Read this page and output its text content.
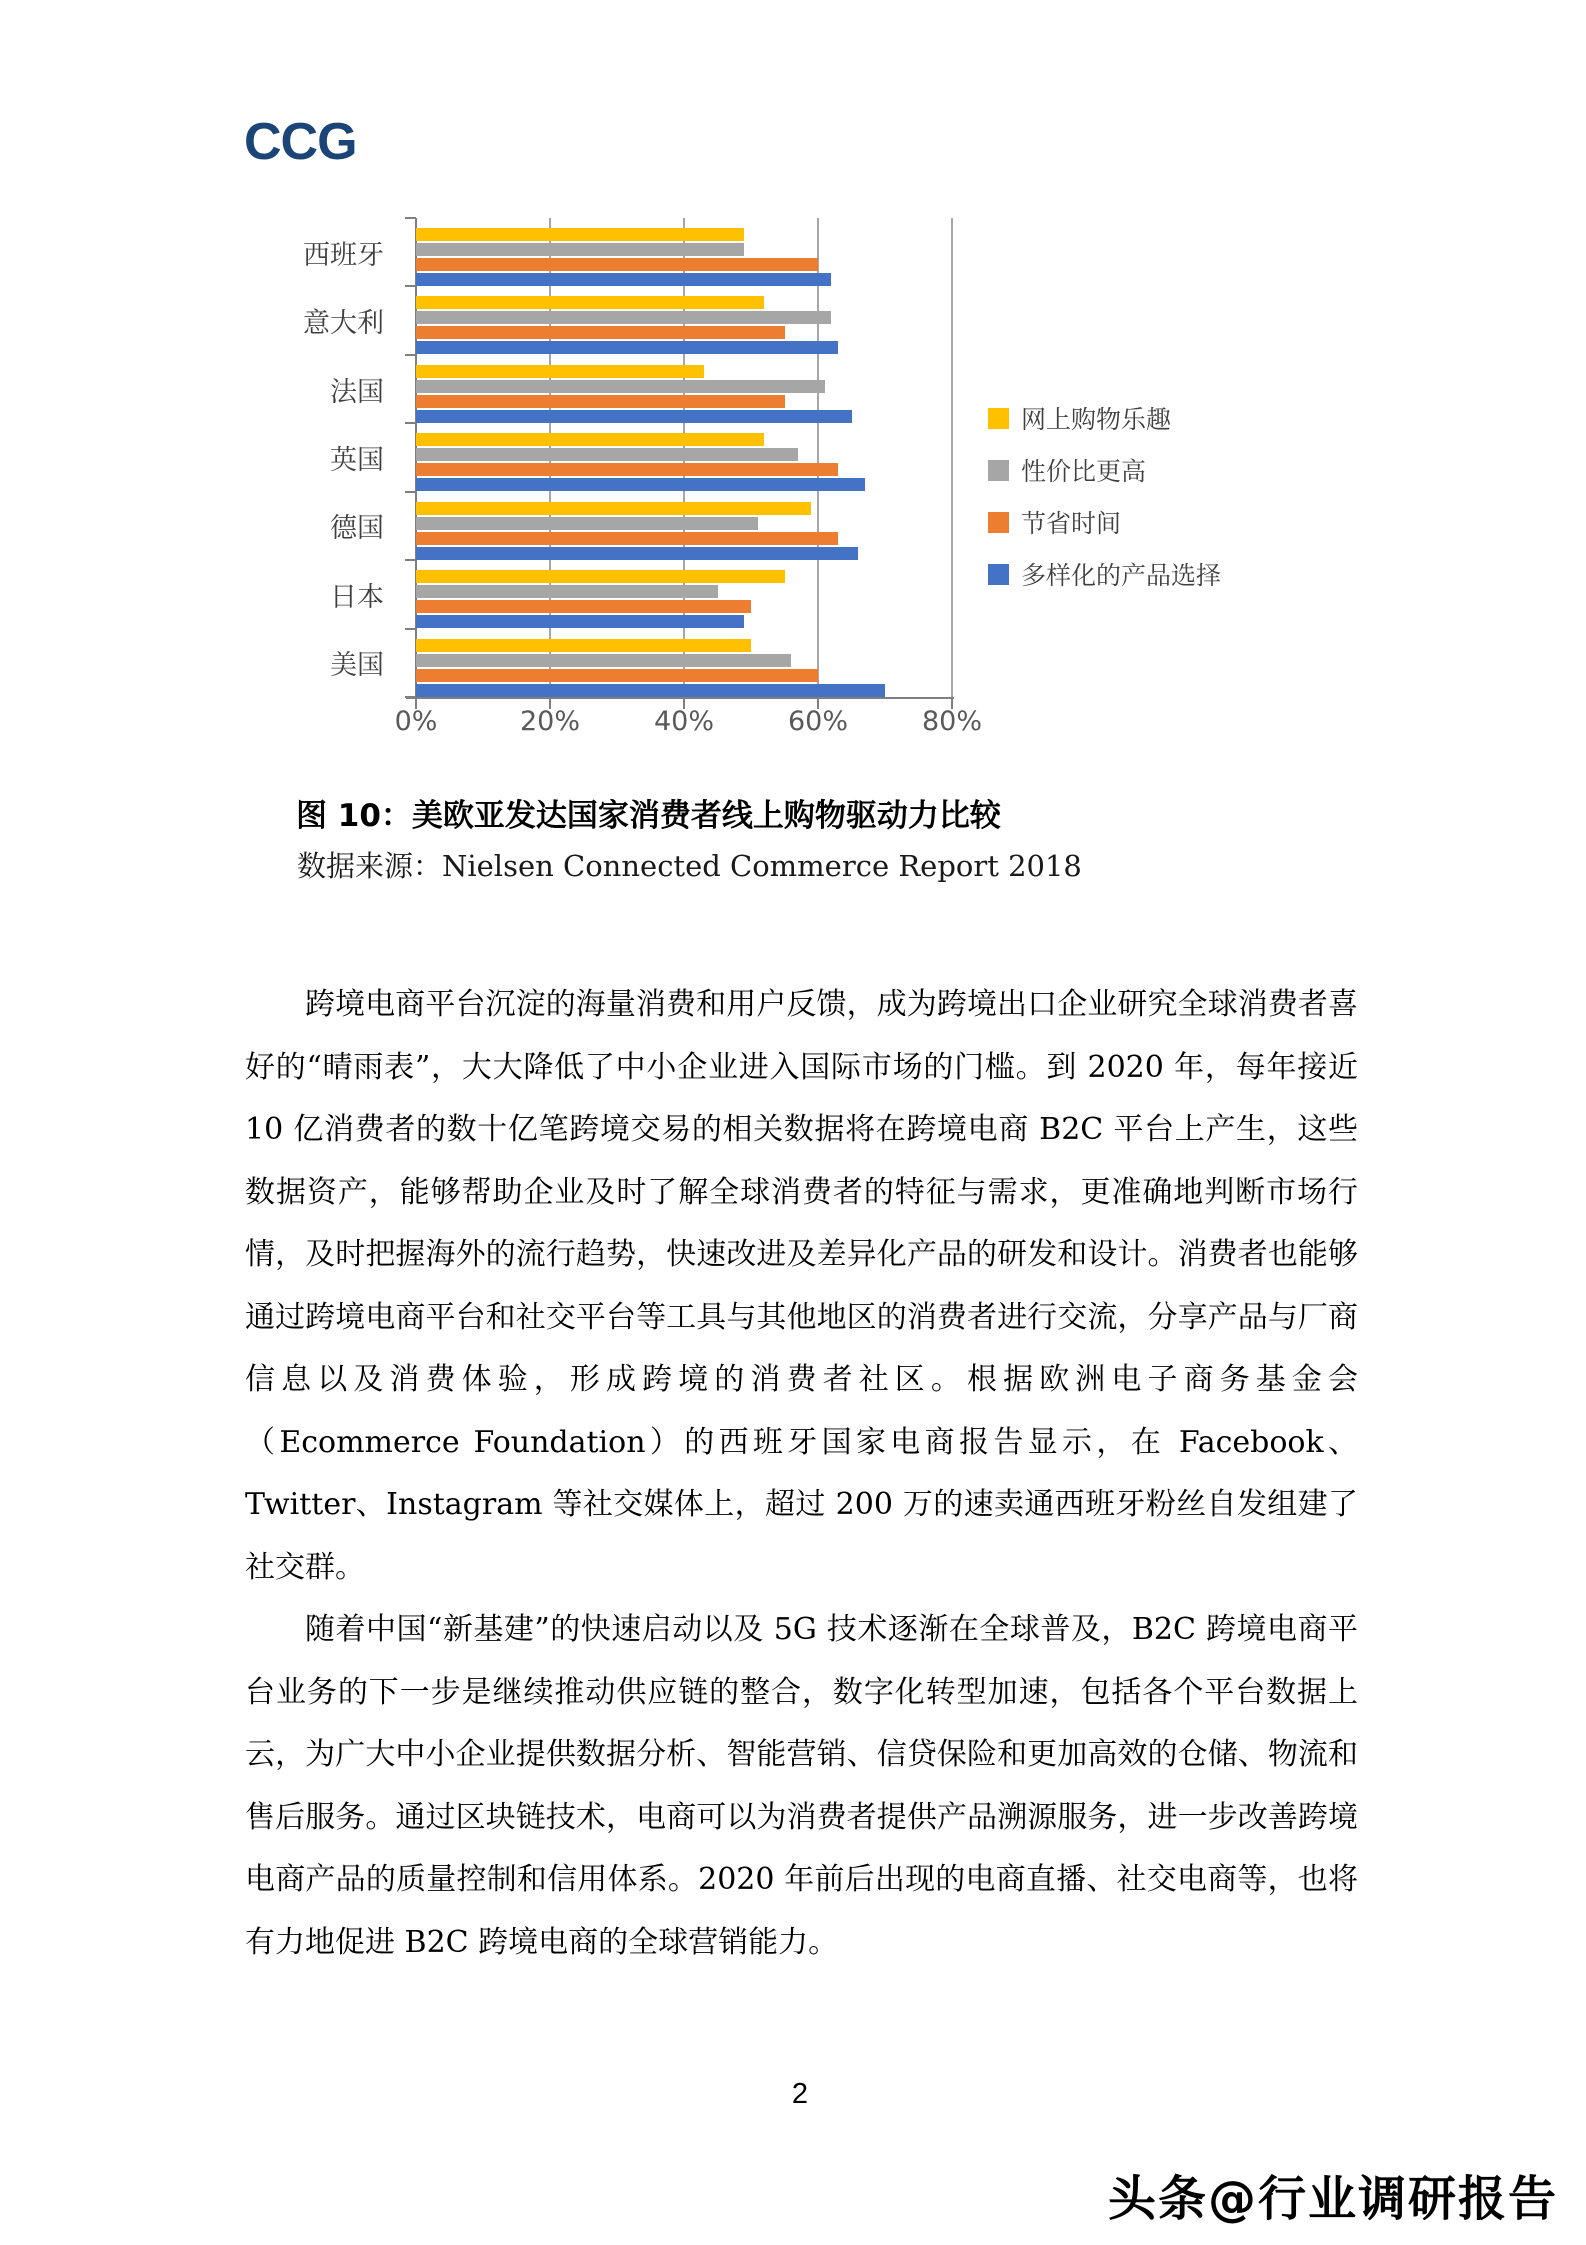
CCG
西班牙
意大利
法国
英国
德国
日本
美国
0%	20%	40%	60%	80%
网上购物乐趣
性价比更高
节省时间
多样化的产品选择
图 10：美欧亚发达国家消费者线上购物驱动力比较
数据来源：Nielsen Connected Commerce Report 2018

跨境电商平台沉淀的海量消费和用户反馈，成为跨境出口企业研究全球消费者喜好的“晴雨表”，大大降低了中小企业进入国际市场的门槛。到 2020 年，每年接近 10 亿消费者的数十亿笔跨境交易的相关数据将在跨境电商 B2C 平台上产生，这些数据资产，能够帮助企业及时了解全球消费者的特征与需求，更准确地判断市场行情，及时把握海外的流行趋势，快速改进及差异化产品的研发和设计。消费者也能够通过跨境电商平台和社交平台等工具与其他地区的消费者进行交流，分享产品与厂商信息以及消费体验，形成跨境的消费者社区。根据欧洲电子商务基金会（Ecommerce Foundation）的西班牙国家电商报告显示，在 Facebook、Twitter、Instagram 等社交媒体上，超过 200 万的速卖通西班牙粉丝自发组建了社交群。

随着中国“新基建”的快速启动以及 5G 技术逐渐在全球普及，B2C 跨境电商平台业务的下一步是继续推动供应链的整合，数字化转型加速，包括各个平台数据上云，为广大中小企业提供数据分析、智能营销、信贷保险和更加高效的仓储、物流和售后服务。通过区块链技术，电商可以为消费者提供产品溯源服务，进一步改善跨境电商产品的质量控制和信用体系。2020 年前后出现的电商直播、社交电商等，也将有力地促进 B2C 跨境电商的全球营销能力。

2
头条@行业调研报告
